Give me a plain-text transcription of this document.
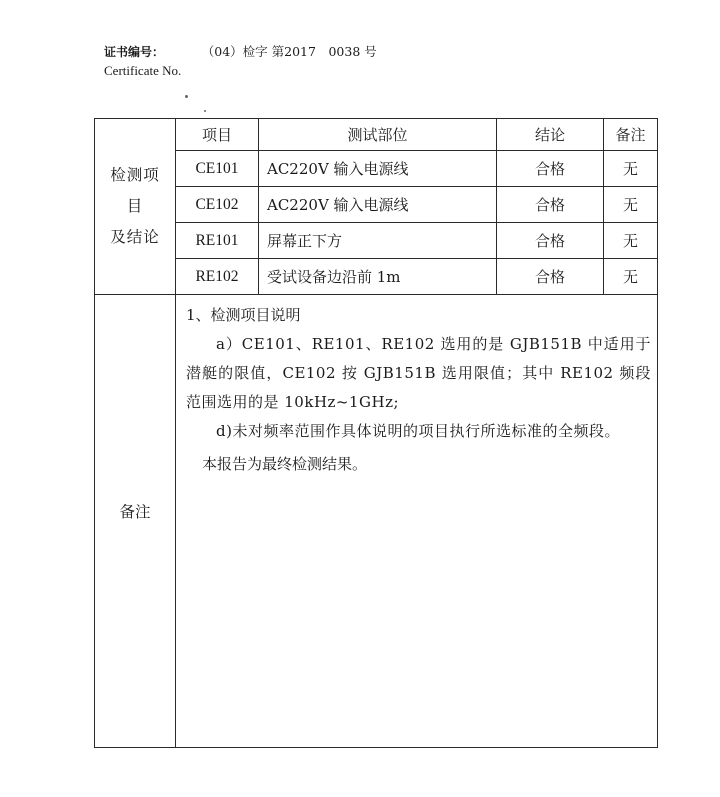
证书编号：	（04）检字 第2017　0038 号
Certificate No.
检测项
目
及结论	项目	测试部位	结论	备注
	CE101	AC220V 输入电源线	合格	无
	CE102	AC220V 输入电源线	合格	无
	RE101	屏幕正下方	合格	无
	RE102	受试设备边沿前 1m	合格	无
备注	1、检测项目说明

a）CE101、RE101、RE102 选用的是 GJB151B 中适用于潜艇的限值，CE102 按 GJB151B 选用限值；其中 RE102 频段范围选用的是 10kHz~1GHz;

d)未对频率范围作具体说明的项目执行所选标准的全频段。

本报告为最终检测结果。			
